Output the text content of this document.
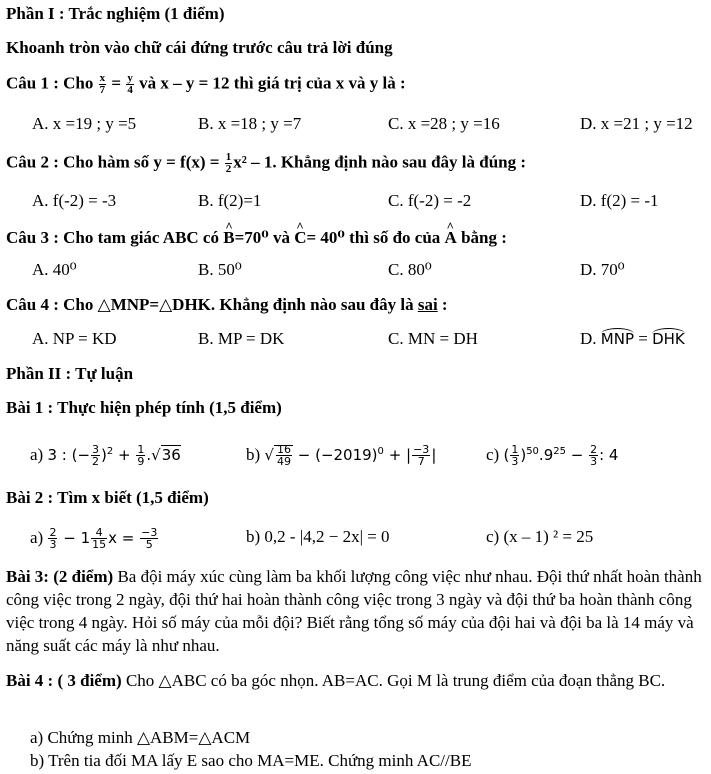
Phần I : Trắc nghiệm (1 điểm)
Khoanh tròn vào chữ cái đứng trước câu trả lời đúng
Câu 1 : Cho $\frac{x}{7} = \frac{y}{4}$ và x – y = 12 thì giá trị của x và y là :
A. x =19 ; y =5	B. x =18 ; y =7	C. x =28 ; y =16	D. x =21 ; y =12
Câu 2 : Cho hàm số $y = f(x) = \frac{1}{2} x^2 - 1$. Khẳng định nào sau đây là đúng :
A. f(-2) = -3	B. f(2)=1	C. f(-2) = -2	D. f(2) = -1
Câu 3 : Cho tam giác ABC có ^ B=70⁰ và ^ C= 40⁰ thì số đo của ^ A bằng :
A. 40⁰	B. 50⁰	C. 80⁰	D. 70⁰
Câu 4 : Cho △MNP=△DHK. Khẳng định nào sau đây là sai :
A. NP = KD	B. MP = DK	C. MN = DH	D. MNP = DHK
Phần II : Tự luận
Bài 1 : Thực hiện phép tính (1,5 điểm)
a) 3 : (− $\frac{3}{2} )^2 + \frac{1}{9} .√36$	b) √ $\frac{16}{49} - (-2019)^0$ + | $\frac{-3}{7}$ |	c) ( $\frac{1}{3} )^{50}.9^{25} - \frac{2}{3}$ : 4
Bài 2 : Tìm x biết (1,5 điểm)
$a) \frac{2}{3} - 1 \frac{4}{15}$ $x = \frac{-3}{5}$	b) 0,2 - |4,2 − 2x| = 0	c) (x – 1) ² = 25
Bài 3: (2 điểm) Ba đội máy xúc cùng làm ba khối lượng công việc như nhau. Đội thứ nhất hoàn thành công việc trong 2 ngày, đội thứ hai hoàn thành công việc trong 3 ngày và đội thứ ba hoàn thành công việc trong 4 ngày. Hỏi số máy của mỗi đội? Biết rằng tổng số máy của đội hai và đội ba là 14 máy và năng suất các máy là như nhau.
Bài 4 : ( 3 điểm) Cho △ABC có ba góc nhọn. AB=AC. Gọi M là trung điểm của đoạn thẳng BC.
a) Chứng minh △ABM=△ACM
b) Trên tia đối MA lấy E sao cho MA=ME. Chứng minh AC//BE
